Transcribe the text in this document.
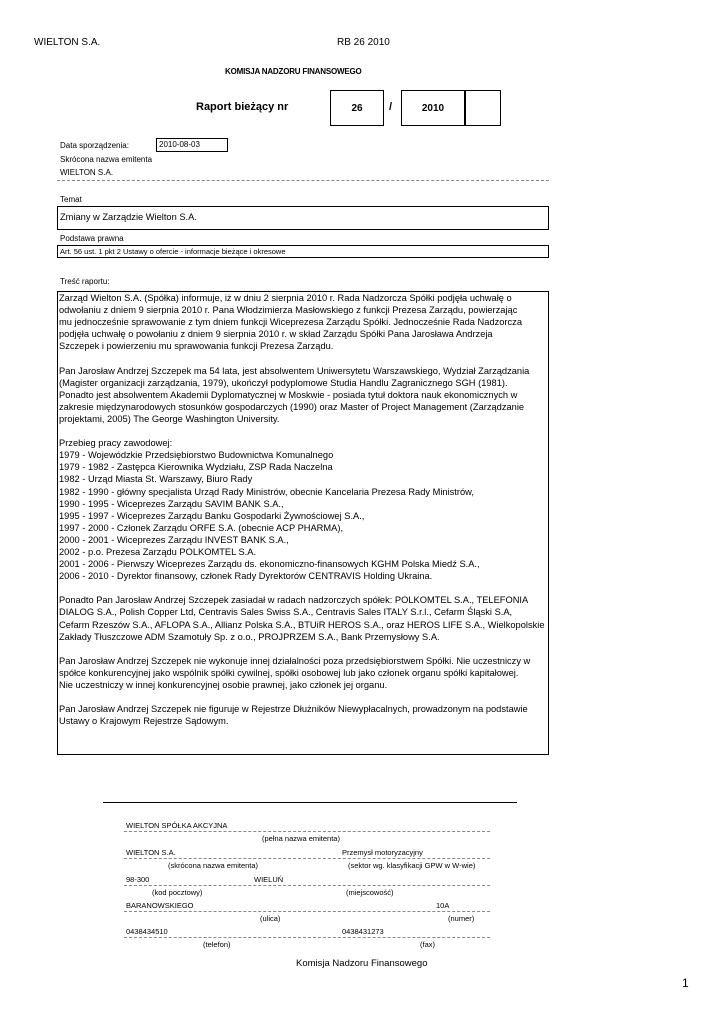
WIELTON S.A.	RB 26 2010
KOMISJA NADZORU FINANSOWEGO
Raport bieżący nr	26 /	2010
Data sporządzenia:	2010-08-03
Skrócona nazwa emitenta
WIELTON S.A.
Temat
Zmiany w Zarządzie Wielton S.A.
Podstawa prawna
Art. 56 ust. 1 pkt 2 Ustawy o ofercie - informacje bieżące i okresowe
Treść raportu:

Zarząd Wielton S.A. (Spółka) informuje, iż w dniu 2 sierpnia 2010 r. Rada Nadzorcza Spółki podjęła uchwałę o

odwołaniu z dniem 9 sierpnia 2010 r. Pana Włodzimierza Masłowskiego z funkcji Prezesa Zarządu, powierzając

mu jednocześnie sprawowanie z tym dniem funkcji Wiceprezesa Zarządu Spółki. Jednocześnie Rada Nadzorcza

podjęła uchwałę o powołaniu z dniem 9 sierpnia 2010 r. w skład Zarządu Spółki Pana Jarosława Andrzeja

Szczepek i powierzeniu mu sprawowania funkcji Prezesa Zarządu.

Pan Jarosław Andrzej Szczepek ma 54 lata, jest absolwentem Uniwersytetu Warszawskiego, Wydział Zarządzania

(Magister organizacji zarządzania, 1979), ukończył podyplomowe Studia Handlu Zagranicznego SGH (1981).

Ponadto jest absolwentem Akademii Dyplomatycznej w Moskwie - posiada tytuł doktora nauk ekonomicznych w

zakresie międzynarodowych stosunków gospodarczych (1990) oraz Master of Project Management (Zarządzanie

projektami, 2005) The George Washington University.

Przebieg pracy zawodowej:

1979 - Wojewódzkie Przedsiębiorstwo Budownictwa Komunalnego

1979 - 1982 - Zastępca Kierownika Wydziału, ZSP Rada Naczelna

1982 - Urząd Miasta St. Warszawy, Biuro Rady

1982 - 1990 - główny specjalista Urząd Rady Ministrów, obecnie Kancelaria Prezesa Rady Ministrów,

1990 - 1995 - Wiceprezes Zarządu SAVIM BANK S.A.,

1995 - 1997 - Wiceprezes Zarządu Banku Gospodarki Żywnościowej S.A.,

1997 - 2000 - Członek Zarządu ORFE S.A. (obecnie ACP PHARMA),

2000 - 2001 - Wiceprezes Zarządu INVEST BANK S.A.,

2002 - p.o. Prezesa Zarządu POLKOMTEL S.A.

2001 - 2006 - Pierwszy Wiceprezes Zarządu ds. ekonomiczno-finansowych KGHM Polska Miedź S.A.,

2006 - 2010 - Dyrektor finansowy, członek Rady Dyrektorów CENTRAVIS Holding Ukraina.

Ponadto Pan Jarosław Andrzej Szczepek zasiadał w radach nadzorczych spółek: POLKOMTEL S.A., TELEFONIA

DIALOG S.A., Polish Copper Ltd, Centravis Sales Swiss S.A., Centravis Sales ITALY S.r.l., Cefarm Śląski S.A,

Cefarm Rzeszów S.A., AFLOPA S.A., Allianz Polska S.A., BTUiR HEROS S.A., oraz HEROS LIFE S.A., Wielkopolskie

Zakłady Tłuszczowe ADM Szamotuły Sp. z o.o., PROJPRZEM S.A., Bank Przemysłowy S.A.

Pan Jarosław Andrzej Szczepek nie wykonuje innej działalności poza przedsiębiorstwem Spółki. Nie uczestniczy w

spółce konkurencyjnej jako wspólnik spółki cywilnej, spółki osobowej lub jako członek organu spółki kapitałowej.

Nie uczestniczy w innej konkurencyjnej osobie prawnej, jako członek jej organu.

Pan Jarosław Andrzej Szczepek nie figuruje w Rejestrze Dłużników Niewypłacalnych, prowadzonym na podstawie

Ustawy o Krajowym Rejestrze Sądowym.

WIELTON SPÓŁKA AKCYJNA
(pełna nazwa emitenta)
WIELTON S.A.	Przemysł motoryzacyjny
(skrócona nazwa emitenta)	(sektor wg. klasyfikacji GPW w W-wie)
98-300	WIELUŃ
(kod pocztowy)	(miejscowość)
BARANOWSKIEGO	10A
(ulica)	(numer)
0438434510	0438431273
(telefon)	(fax)
Komisja Nadzoru Finansowego
1
